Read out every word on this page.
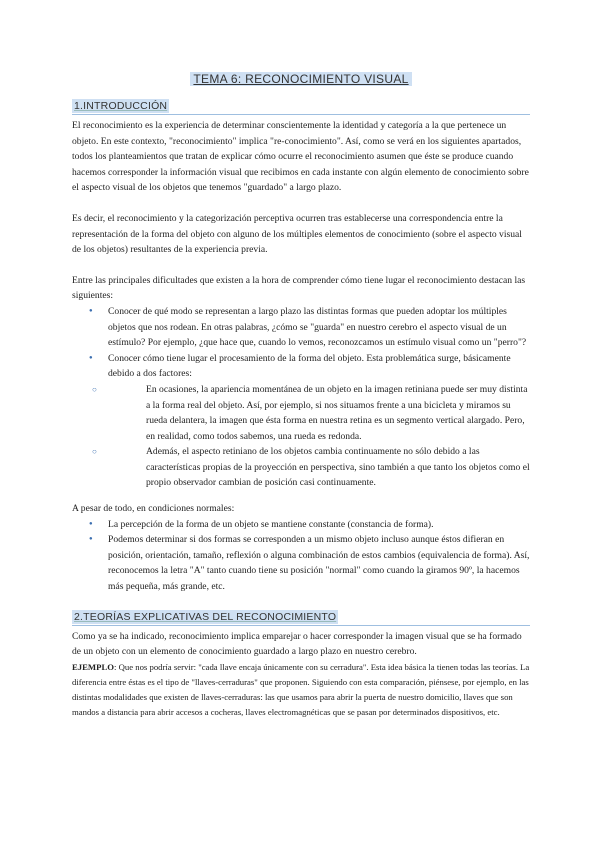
TEMA 6: RECONOCIMIENTO VISUAL
1.INTRODUCCIÓN

El reconocimiento es la experiencia de determinar conscientemente la identidad y categoría a la que pertenece un objeto. En este contexto, "reconocimiento" implica "re-conocimiento". Así, como se verá en los siguientes apartados, todos los planteamientos que tratan de explicar cómo ocurre el reconocimiento asumen que éste se produce cuando hacemos corresponder la información visual que recibimos en cada instante con algún elemento de conocimiento sobre el aspecto visual de los objetos que tenemos "guardado" a largo plazo.

Es decir, el reconocimiento y la categorización perceptiva ocurren tras establecerse una correspondencia entre la representación de la forma del objeto con alguno de los múltiples elementos de conocimiento (sobre el aspecto visual de los objetos) resultantes de la experiencia previa.

Entre las principales dificultades que existen a la hora de comprender cómo tiene lugar el reconocimiento destacan las siguientes:

● Conocer de qué modo se representan a largo plazo las distintas formas que pueden adoptar los múltiples objetos que nos rodean. En otras palabras, ¿cómo se "guarda" en nuestro cerebro el aspecto visual de un estímulo? Por ejemplo, ¿que hace que, cuando lo vemos, reconozcamos un estímulo visual como un "perro"?
● Conocer cómo tiene lugar el procesamiento de la forma del objeto. Esta problemática surge, básicamente debido a dos factores:
○ En ocasiones, la apariencia momentánea de un objeto en la imagen retiniana puede ser muy distinta a la forma real del objeto. Así, por ejemplo, si nos situamos frente a una bicicleta y miramos su rueda delantera, la imagen que ésta forma en nuestra retina es un segmento vertical alargado. Pero, en realidad, como todos sabemos, una rueda es redonda.
○ Además, el aspecto retiniano de los objetos cambia continuamente no sólo debido a las características propias de la proyección en perspectiva, sino también a que tanto los objetos como el propio observador cambian de posición casi continuamente.

A pesar de todo, en condiciones normales:

● La percepción de la forma de un objeto se mantiene constante (constancia de forma).
● Podemos determinar si dos formas se corresponden a un mismo objeto incluso aunque éstos difieran en posición, orientación, tamaño, reflexión o alguna combinación de estos cambios (equivalencia de forma). Así, reconocemos la letra "A" tanto cuando tiene su posición "normal" como cuando la giramos 90º, la hacemos más pequeña, más grande, etc.
2.TEORÍAS EXPLICATIVAS DEL RECONOCIMIENTO

Como ya se ha indicado, reconocimiento implica emparejar o hacer corresponder la imagen visual que se ha formado de un objeto con un elemento de conocimiento guardado a largo plazo en nuestro cerebro.

EJEMPLO: Que nos podría servir: "cada llave encaja únicamente con su cerradura". Esta idea básica la tienen todas las teorías. La diferencia entre éstas es el tipo de "llaves-cerraduras" que proponen. Siguiendo con esta comparación, piénsese, por ejemplo, en las distintas modalidades que existen de llaves-cerraduras: las que usamos para abrir la puerta de nuestro domicilio, llaves que son mandos a distancia para abrir accesos a cocheras, llaves electromagnéticas que se pasan por determinados dispositivos, etc.
